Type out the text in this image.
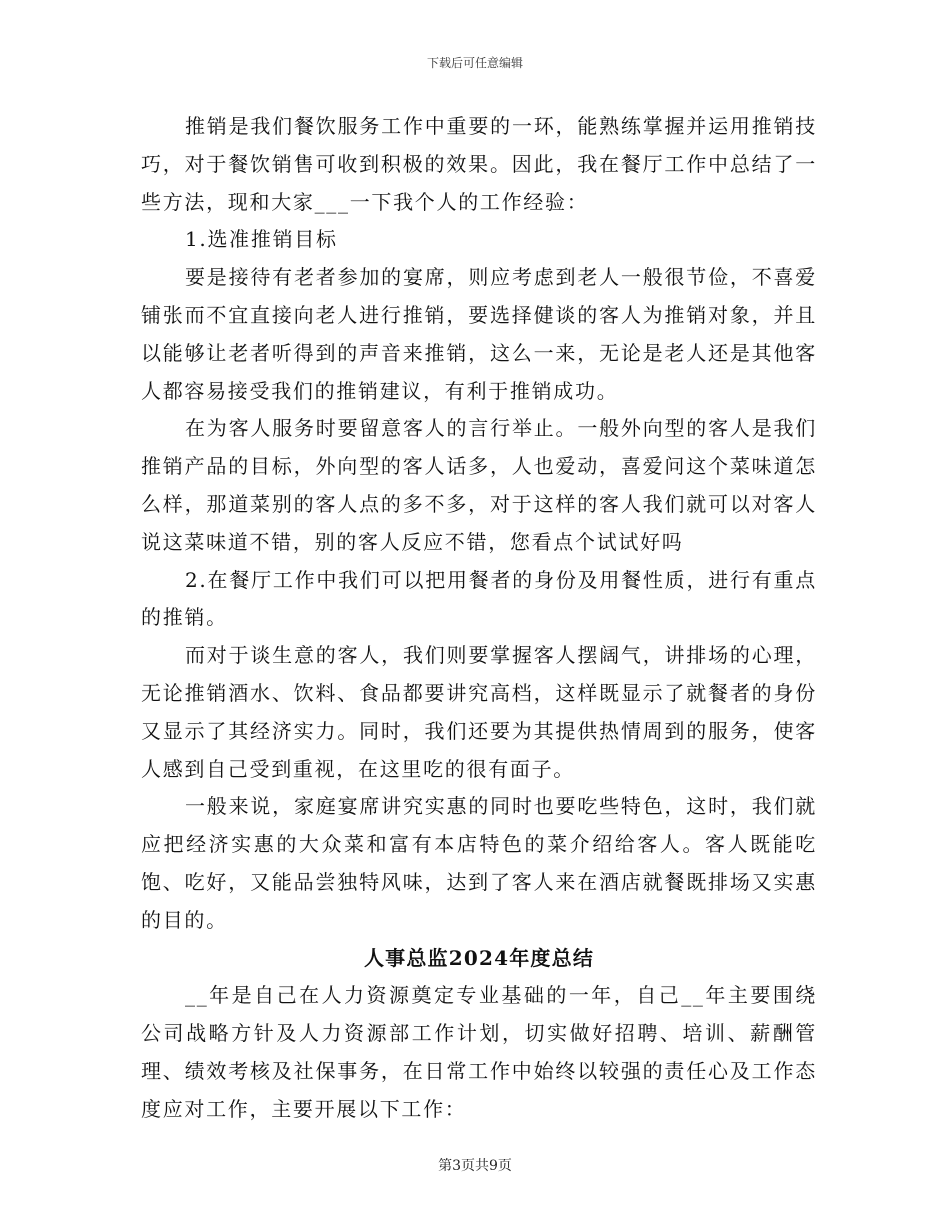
下载后可任意编辑

推销是我们餐饮服务工作中重要的一环，能熟练掌握并运用推销技巧，对于餐饮销售可收到积极的效果。因此，我在餐厅工作中总结了一些方法，现和大家___一下我个人的工作经验：

1.选准推销目标

要是接待有老者参加的宴席，则应考虑到老人一般很节俭，不喜爱铺张而不宜直接向老人进行推销，要选择健谈的客人为推销对象，并且以能够让老者听得到的声音来推销，这么一来，无论是老人还是其他客人都容易接受我们的推销建议，有利于推销成功。

在为客人服务时要留意客人的言行举止。一般外向型的客人是我们推销产品的目标，外向型的客人话多，人也爱动，喜爱问这个菜味道怎么样，那道菜别的客人点的多不多，对于这样的客人我们就可以对客人说这菜味道不错，别的客人反应不错，您看点个试试好吗

2.在餐厅工作中我们可以把用餐者的身份及用餐性质，进行有重点的推销。

而对于谈生意的客人，我们则要掌握客人摆阔气，讲排场的心理，无论推销酒水、饮料、食品都要讲究高档，这样既显示了就餐者的身份又显示了其经济实力。同时，我们还要为其提供热情周到的服务，使客人感到自己受到重视，在这里吃的很有面子。

一般来说，家庭宴席讲究实惠的同时也要吃些特色，这时，我们就应把经济实惠的大众菜和富有本店特色的菜介绍给客人。客人既能吃饱、吃好，又能品尝独特风味，达到了客人来在酒店就餐既排场又实惠的目的。

人事总监2024年度总结

__年是自己在人力资源奠定专业基础的一年，自己__年主要围绕公司战略方针及人力资源部工作计划，切实做好招聘、培训、薪酬管理、绩效考核及社保事务，在日常工作中始终以较强的责任心及工作态度应对工作，主要开展以下工作：

第3页共9页
